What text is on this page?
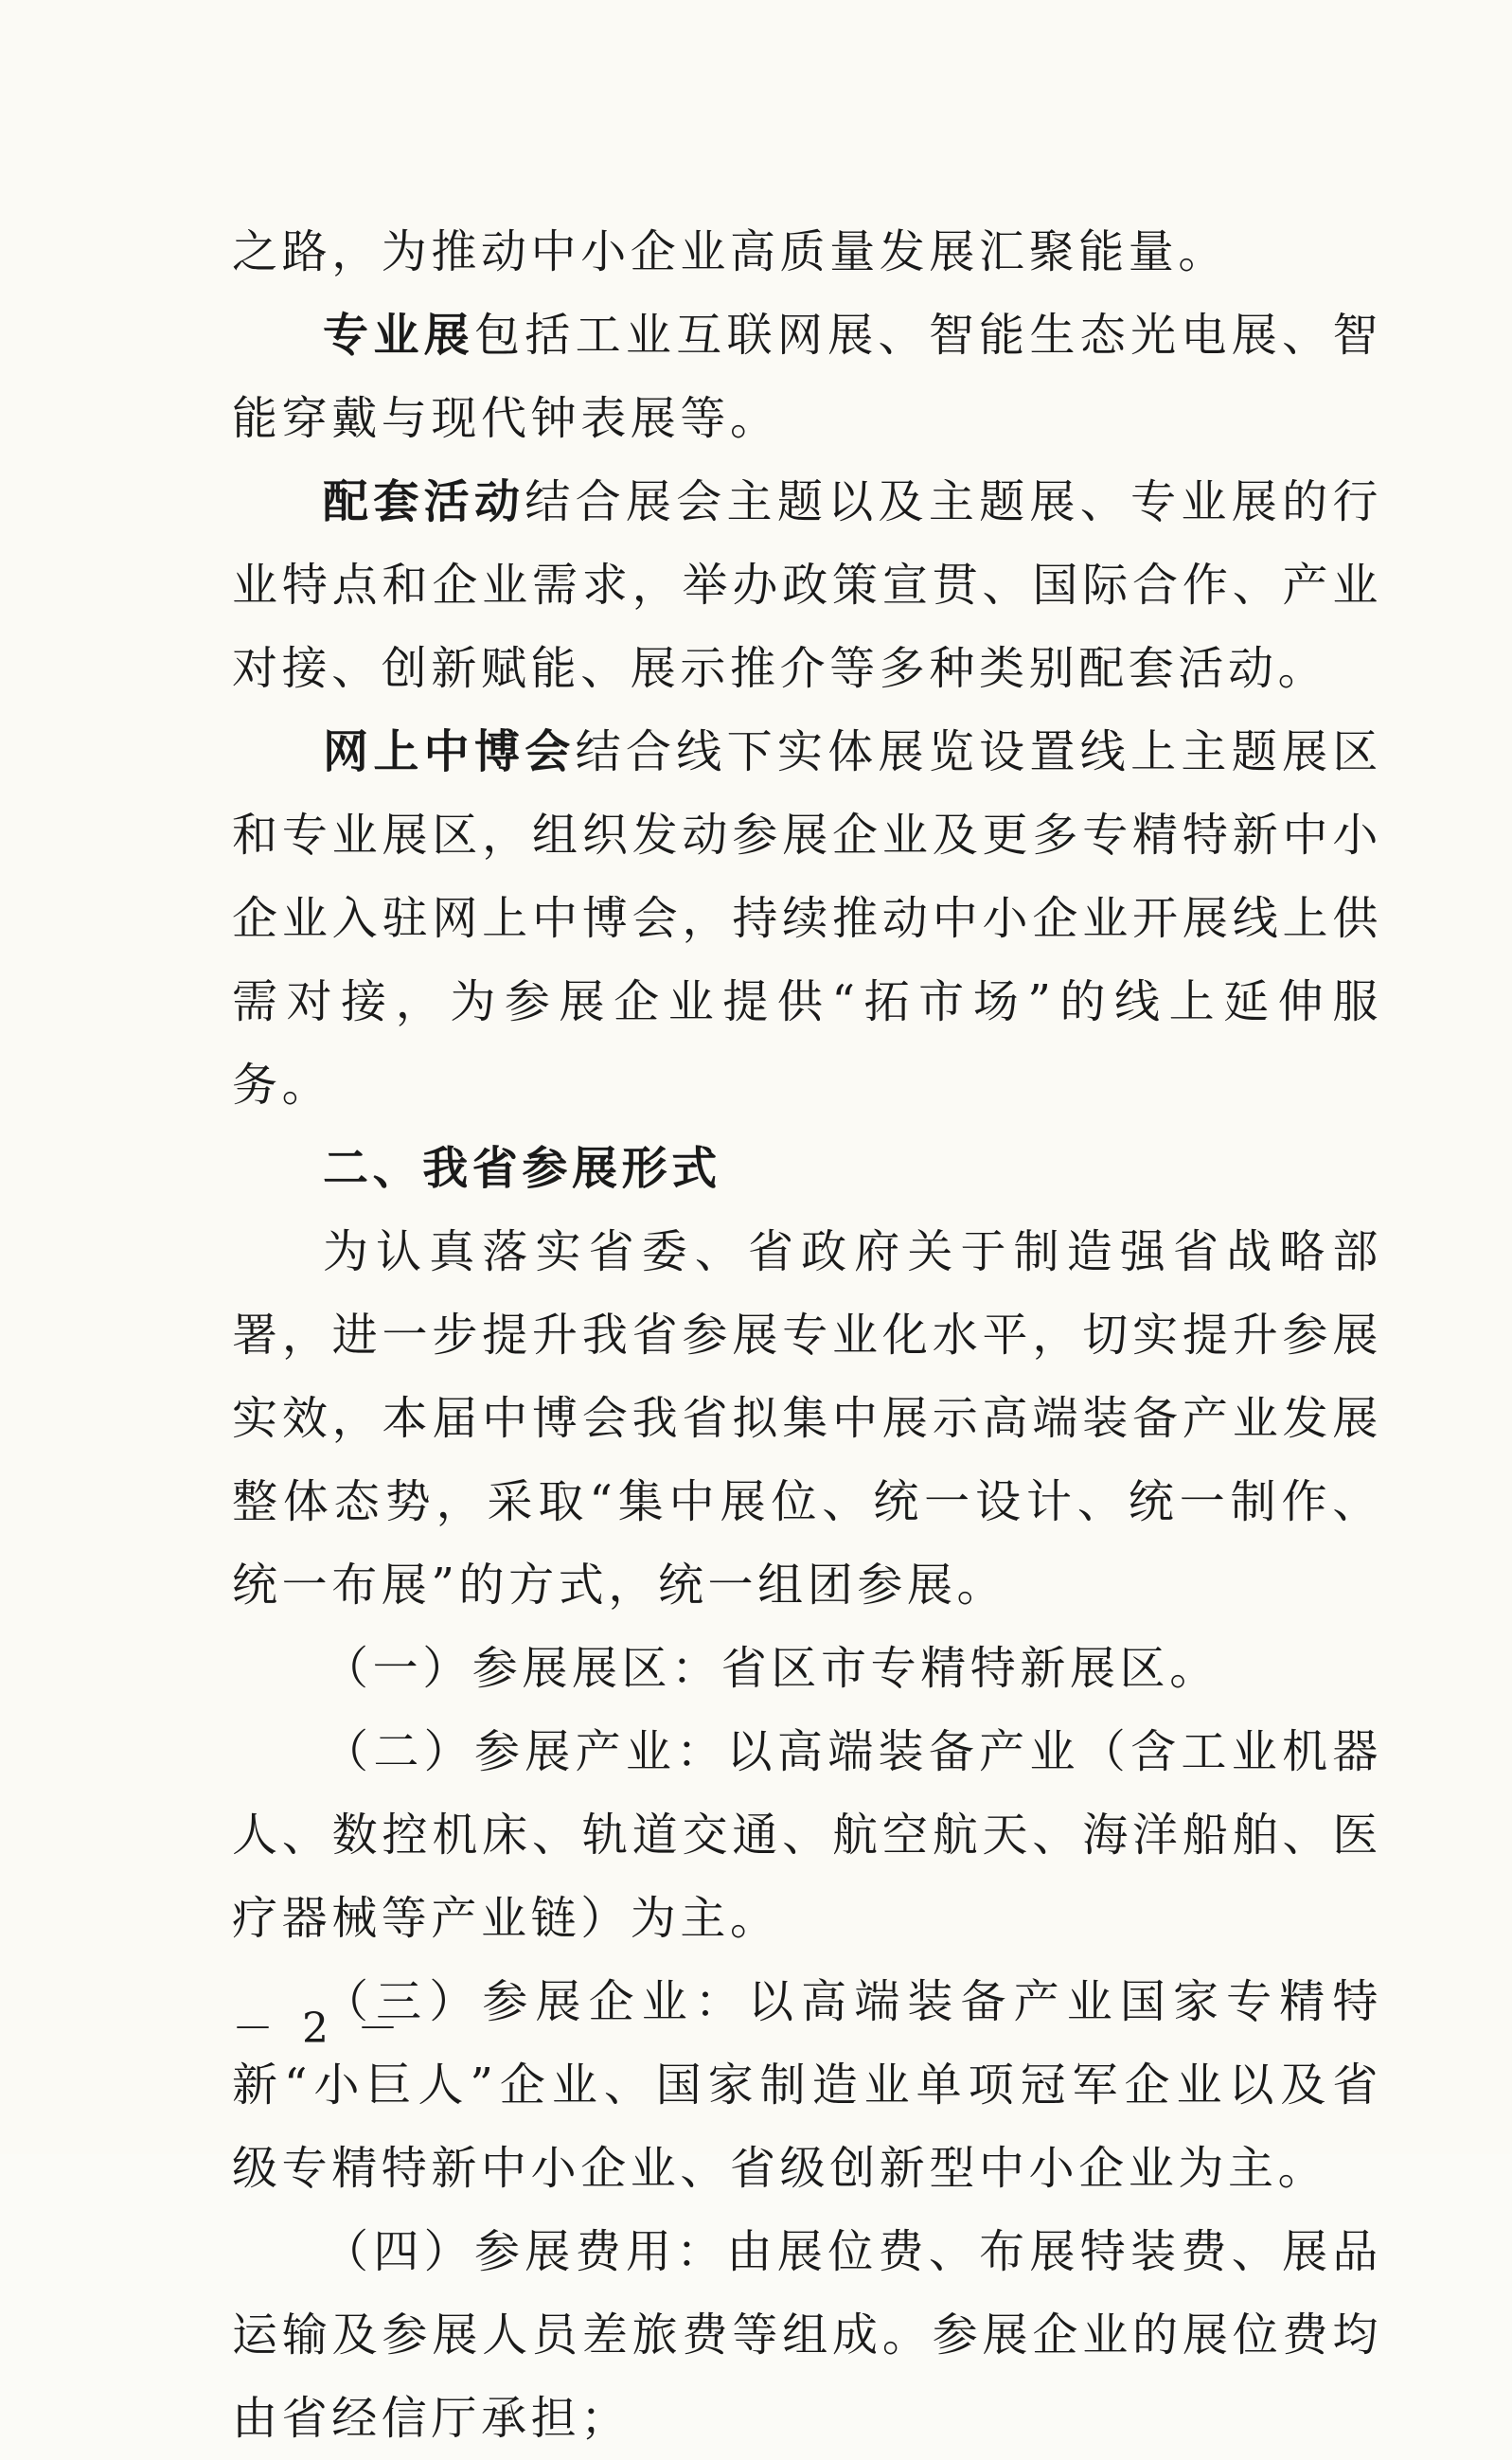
之路，为推动中小企业高质量发展汇聚能量。

专业展包括工业互联网展、智能生态光电展、智能穿戴与现代钟表展等。

配套活动结合展会主题以及主题展、专业展的行业特点和企业需求，举办政策宣贯、国际合作、产业对接、创新赋能、展示推介等多种类别配套活动。

网上中博会结合线下实体展览设置线上主题展区和专业展区，组织发动参展企业及更多专精特新中小企业入驻网上中博会，持续推动中小企业开展线上供需对接，为参展企业提供“拓市场”的线上延伸服务。

二、我省参展形式

为认真落实省委、省政府关于制造强省战略部署，进一步提升我省参展专业化水平，切实提升参展实效，本届中博会我省拟集中展示高端装备产业发展整体态势，采取“集中展位、统一设计、统一制作、统一布展”的方式，统一组团参展。

（一）参展展区：省区市专精特新展区。

（二）参展产业：以高端装备产业（含工业机器人、数控机床、轨道交通、航空航天、海洋船舶、医疗器械等产业链）为主。

（三）参展企业：以高端装备产业国家专精特新“小巨人”企业、国家制造业单项冠军企业以及省级专精特新中小企业、省级创新型中小企业为主。

（四）参展费用：由展位费、布展特装费、展品运输及参展人员差旅费等组成。参展企业的展位费均由省经信厅承担；

－ 2 －
